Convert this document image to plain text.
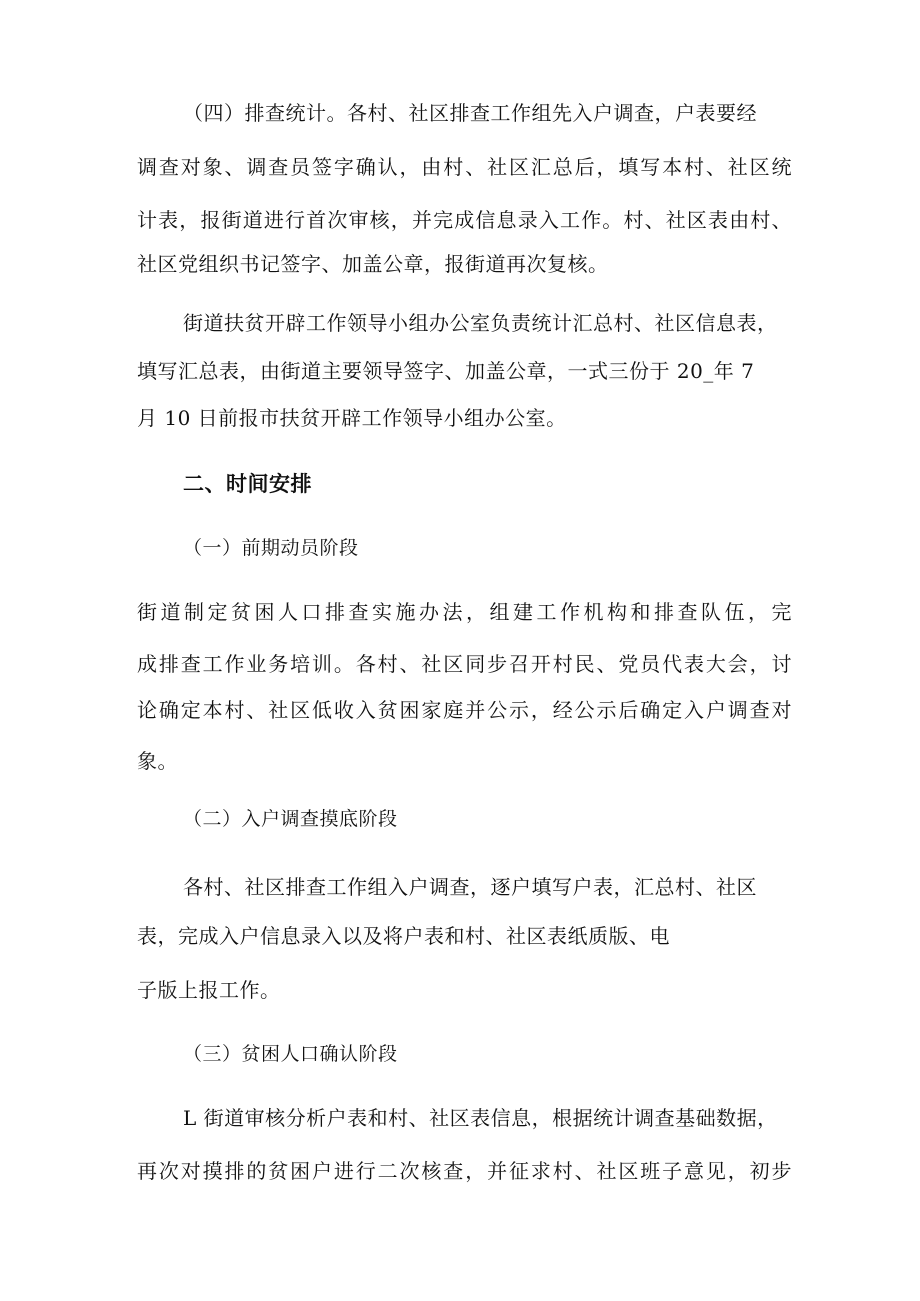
（四）排查统计。各村、社区排查工作组先入户调查，户表要经
调查对象、调查员签字确认，由村、社区汇总后，填写本村、社区统
计表，报街道进行首次审核，并完成信息录入工作。村、社区表由村、
社区党组织书记签字、加盖公章，报街道再次复核。
街道扶贫开辟工作领导小组办公室负责统计汇总村、社区信息表，
填写汇总表，由街道主要领导签字、加盖公章，一式三份于 20_年 7
月 10 日前报市扶贫开辟工作领导小组办公室。
二、时间安排
（一）前期动员阶段
街道制定贫困人口排查实施办法，组建工作机构和排查队伍，完
成排查工作业务培训。各村、社区同步召开村民、党员代表大会，讨
论确定本村、社区低收入贫困家庭并公示，经公示后确定入户调查对
象。
（二）入户调查摸底阶段
各村、社区排查工作组入户调查，逐户填写户表，汇总村、社区
表，完成入户信息录入以及将户表和村、社区表纸质版、电
子版上报工作。
（三）贫困人口确认阶段
L 街道审核分析户表和村、社区表信息，根据统计调查基础数据，
再次对摸排的贫困户进行二次核查，并征求村、社区班子意见，初步
